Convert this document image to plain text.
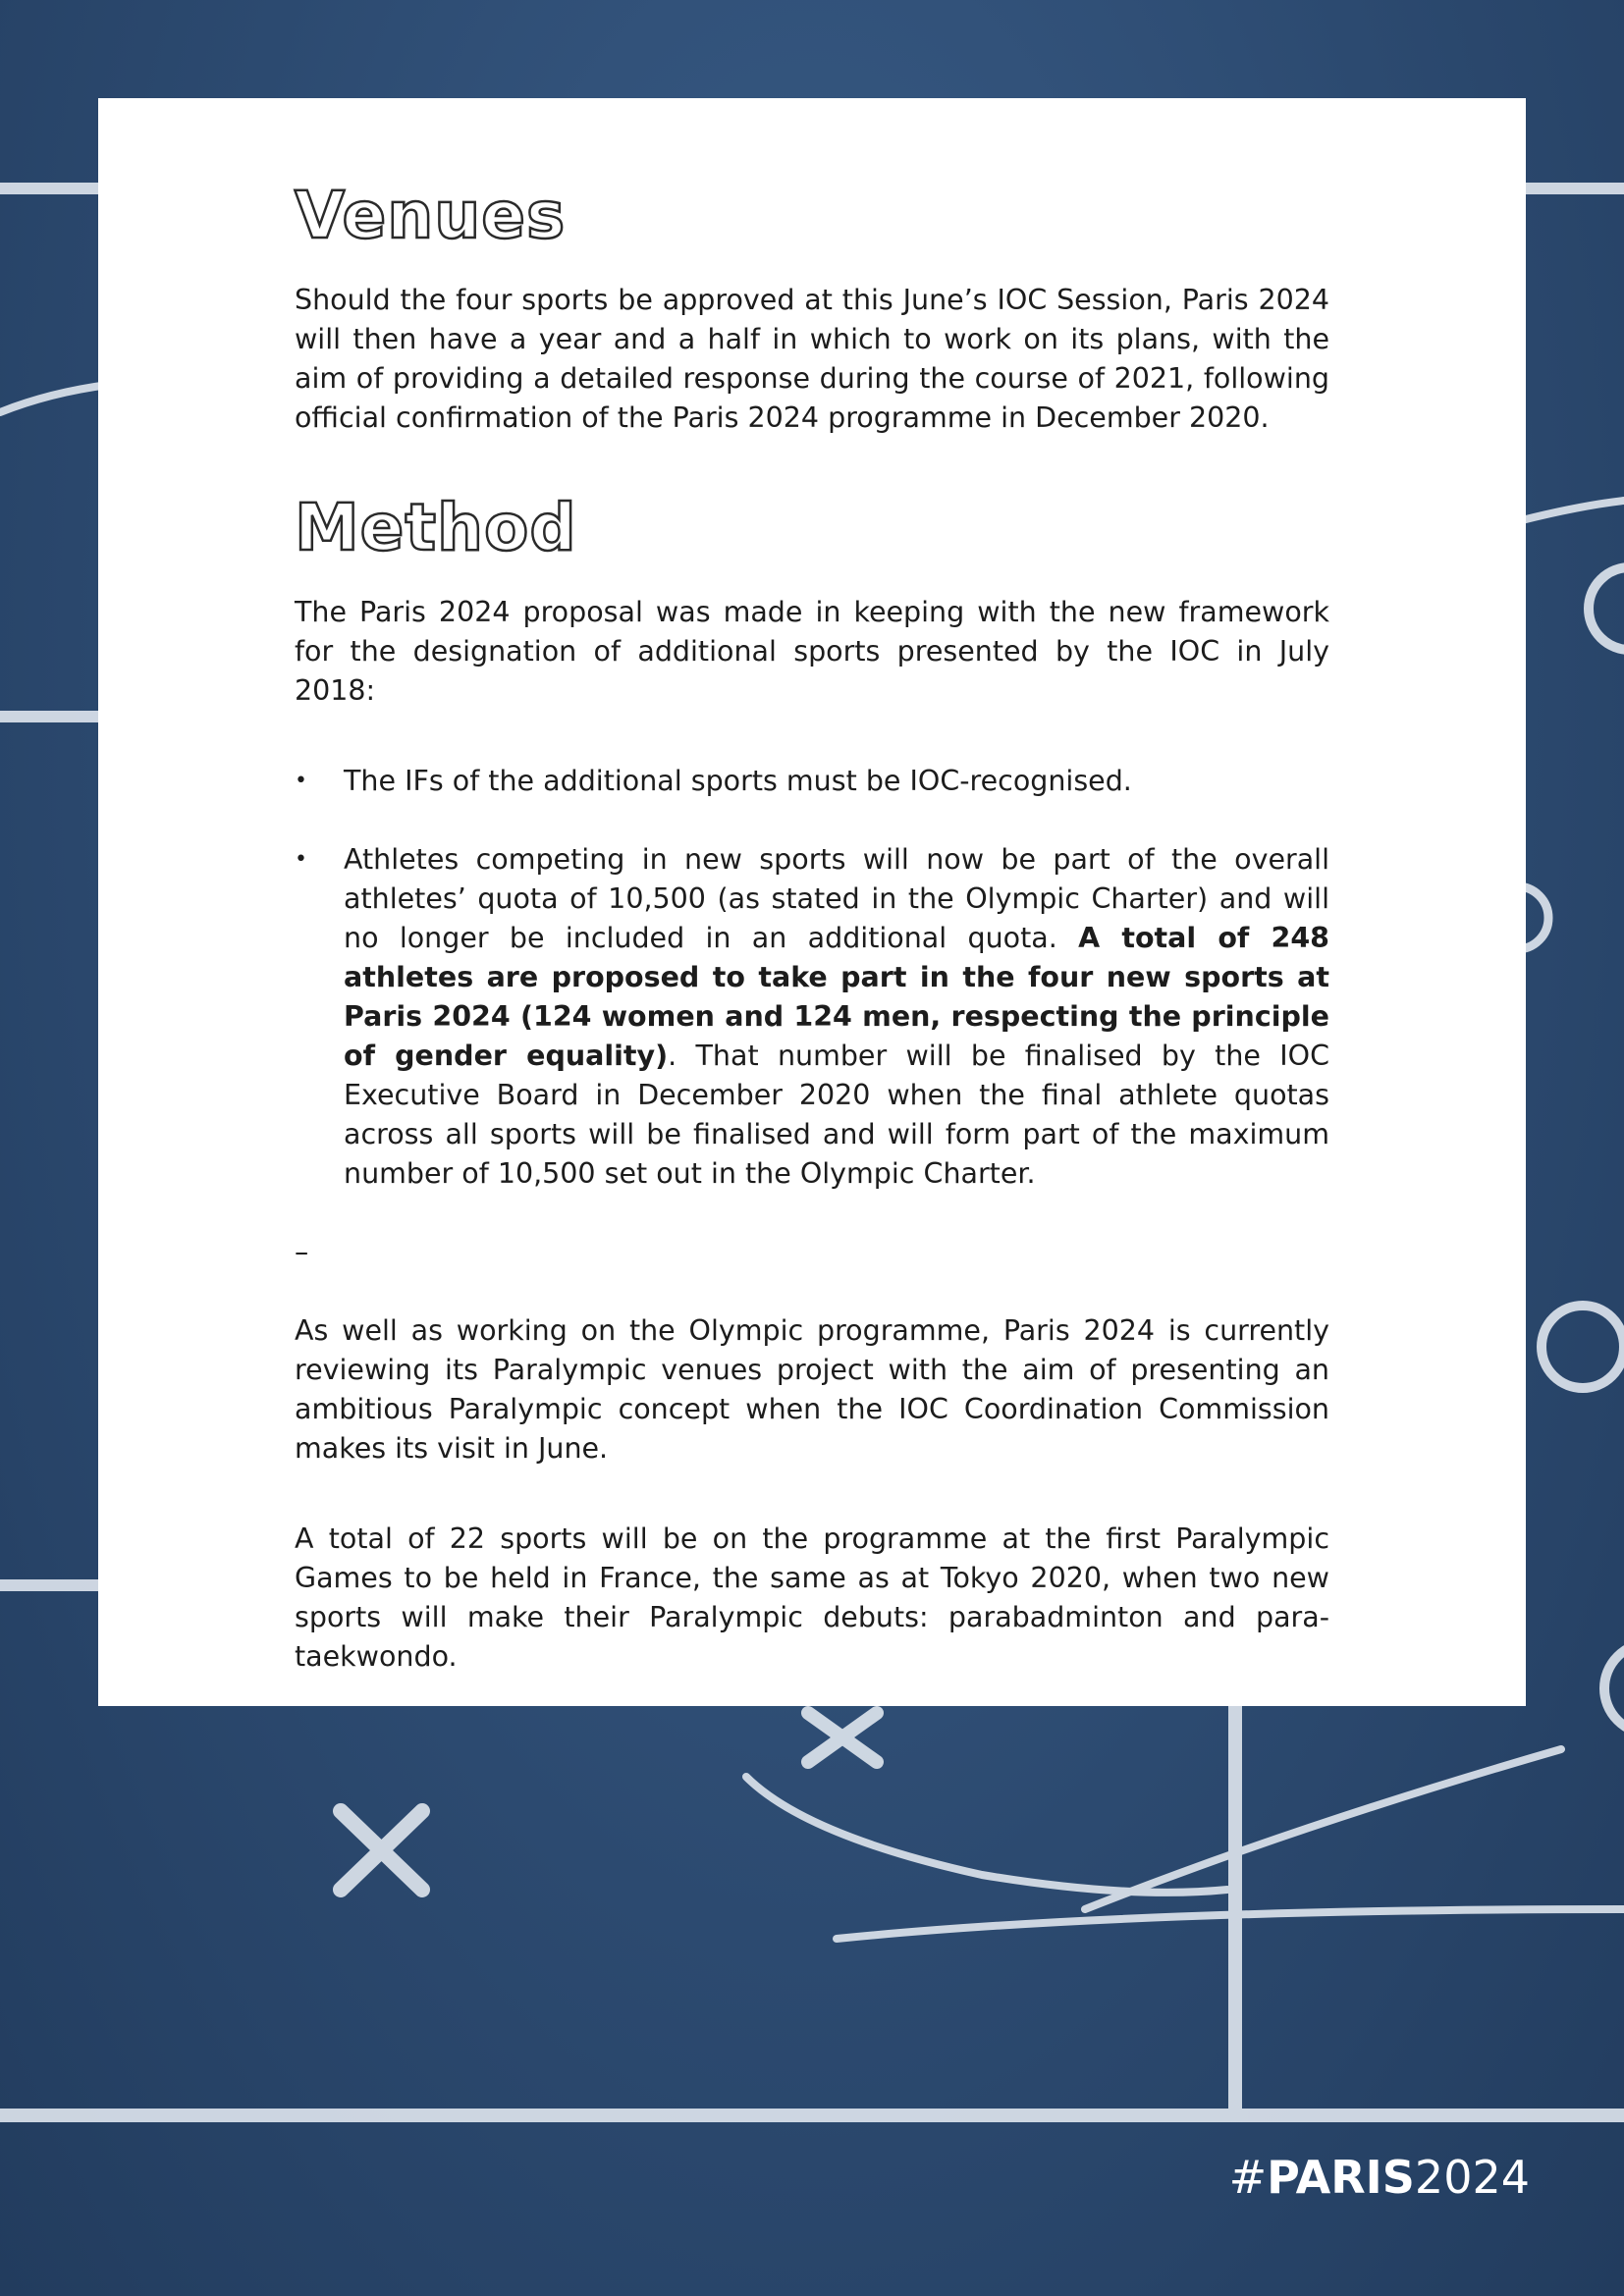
Venues

Should the four sports be approved at this June’s IOC Session, Paris 2024 will then have a year and a half in which to work on its plans, with the aim of providing a detailed response during the course of 2021, following official confirmation of the Paris 2024 programme in December 2020.

Method

The Paris 2024 proposal was made in keeping with the new framework for the designation of additional sports presented by the IOC in July 2018:

• The IFs of the additional sports must be IOC-recognised.
• Athletes competing in new sports will now be part of the overall athletes’ quota of 10,500 (as stated in the Olympic Charter) and will no longer be included in an additional quota. A total of 248 athletes are proposed to take part in the four new sports at Paris 2024 (124 women and 124 men, respecting the principle of gender equality). That number will be finalised by the IOC Executive Board in December 2020 when the final athlete quotas across all sports will be finalised and will form part of the maximum number of 10,500 set out in the Olympic Charter.

–

As well as working on the Olympic programme, Paris 2024 is currently reviewing its Paralympic venues project with the aim of presenting an ambitious Paralympic concept when the IOC Coordination Commission makes its visit in June.

A total of 22 sports will be on the programme at the first Paralympic Games to be held in France, the same as at Tokyo 2020, when two new sports will make their Paralympic debuts: parabadminton and para-taekwondo.

#PARIS2024
